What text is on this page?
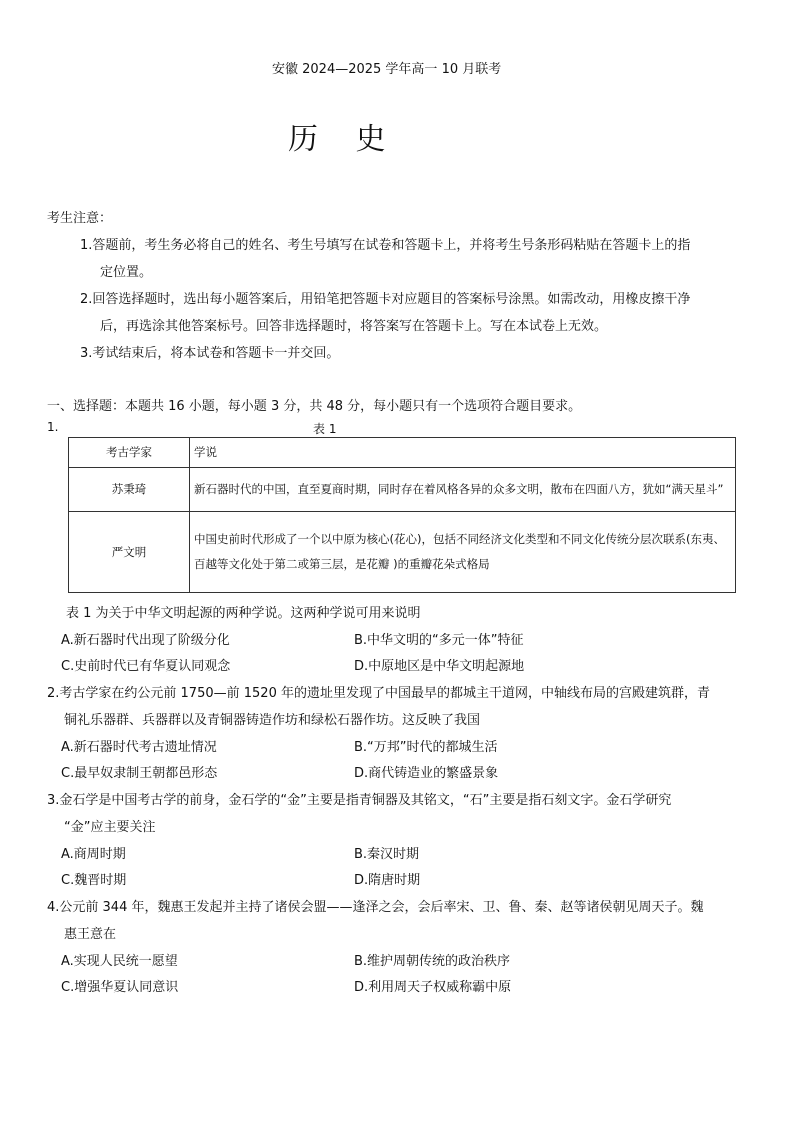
安徽 2024—2025 学年高一 10 月联考
历 史
考生注意：
1.答题前，考生务必将自己的姓名、考生号填写在试卷和答题卡上，并将考生号条形码粘贴在答题卡上的指
定位置。
2.回答选择题时，选出每小题答案后，用铅笔把答题卡对应题目的答案标号涂黑。如需改动，用橡皮擦干净
后，再选涂其他答案标号。回答非选择题时，将答案写在答题卡上。写在本试卷上无效。
3.考试结束后，将本试卷和答题卡一并交回。
一、选择题：本题共 16 小题，每小题 3 分，共 48 分，每小题只有一个选项符合题目要求。
1.	表 1
考古学家	学说
苏秉琦	新石器时代的中国，直至夏商时期，同时存在着风格各异的众多文明，散布在四面八方，犹如“满天星斗”
严文明	中国史前时代形成了一个以中原为核心(花心)，包括不同经济文化类型和不同文化传统分层次联系(东夷、百越等文化处于第二或第三层，是花瓣 )的重瓣花朵式格局
表 1 为关于中华文明起源的两种学说。这两种学说可用来说明
A.新石器时代出现了阶级分化	B.中华文明的“多元一体”特征
C.史前时代已有华夏认同观念	D.中原地区是中华文明起源地
2.考古学家在约公元前 1750—前 1520 年的遗址里发现了中国最早的都城主干道网，中轴线布局的宫殿建筑群，青
铜礼乐器群、兵器群以及青铜器铸造作坊和绿松石器作坊。这反映了我国
A.新石器时代考古遗址情况	B.“万邦”时代的都城生活
C.最早奴隶制王朝都邑形态	D.商代铸造业的繁盛景象
3.金石学是中国考古学的前身，金石学的“金”主要是指青铜器及其铭文，“石”主要是指石刻文字。金石学研究
“金”应主要关注
A.商周时期	B.秦汉时期
C.魏晋时期	D.隋唐时期
4.公元前 344 年，魏惠王发起并主持了诸侯会盟——逢泽之会，会后率宋、卫、鲁、秦、赵等诸侯朝见周天子。魏
惠王意在
A.实现人民统一愿望	B.维护周朝传统的政治秩序
C.增强华夏认同意识	D.利用周天子权威称霸中原
